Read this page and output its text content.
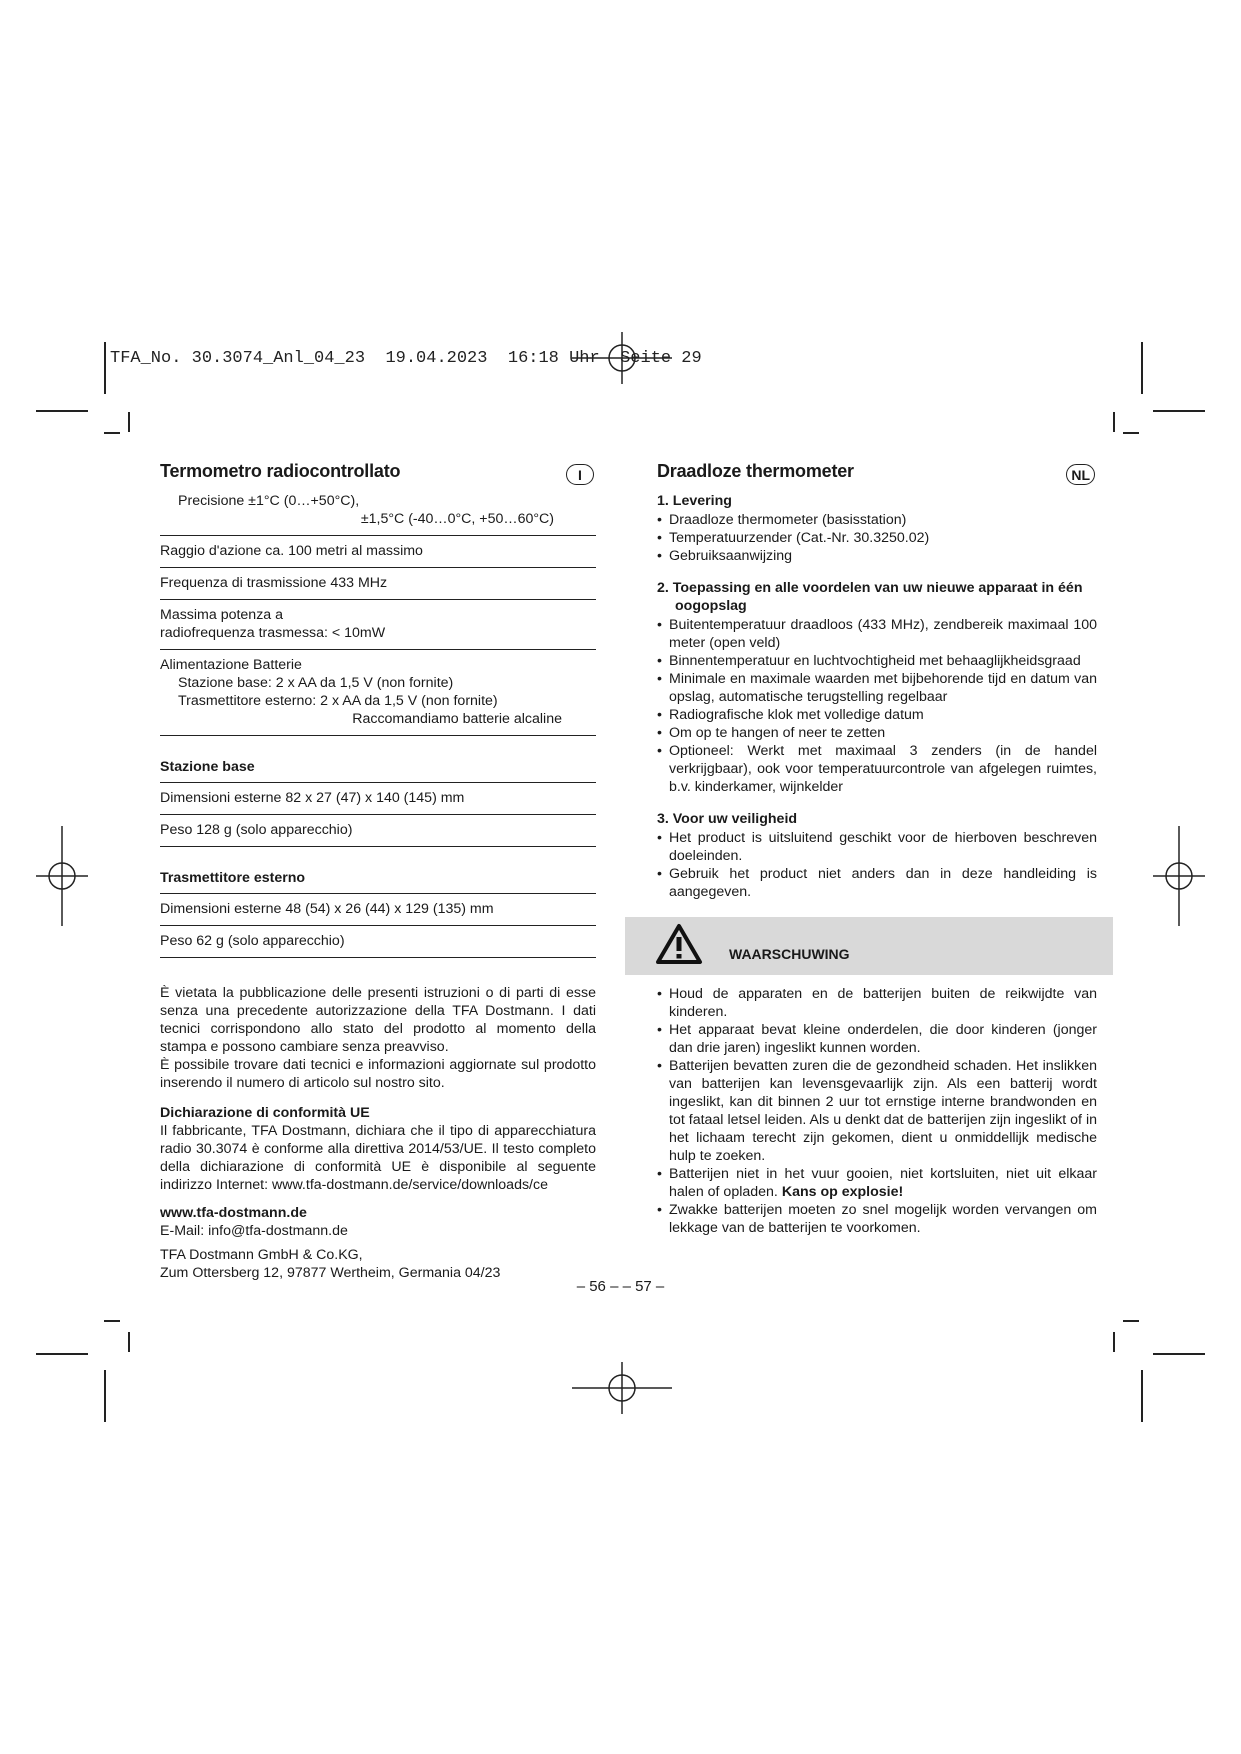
TFA_No. 30.3074_Anl_04_23  19.04.2023  16:18 Uhr  Seite 29
Termometro radiocontrollato	I
Precisione ±1°C (0…+50°C),
±1,5°C (-40…0°C, +50…60°C)
Raggio d'azione ca. 100 metri al massimo
Frequenza di trasmissione 433 MHz
Massima potenza a
radiofrequenza trasmessa: < 10mW
Alimentazione Batterie
Stazione base: 2 x AA da 1,5 V (non fornite)
Trasmettitore esterno: 2 x AA da 1,5 V (non fornite)
Raccomandiamo batterie alcaline
Stazione base
Dimensioni esterne 82 x 27 (47) x 140 (145) mm
Peso 128 g (solo apparecchio)
Trasmettitore esterno
Dimensioni esterne 48 (54) x 26 (44) x 129 (135) mm
Peso 62 g (solo apparecchio)

È vietata la pubblicazione delle presenti istruzioni o di parti di esse senza una precedente autorizzazione della TFA Dostmann. I dati tecnici corrispondono allo stato del prodotto al momento della stampa e possono cambiare senza preavviso.

È possibile trovare dati tecnici e informazioni aggiornate sul prodotto inserendo il numero di articolo sul nostro sito.

Dichiarazione di conformità UE

Il fabbricante, TFA Dostmann, dichiara che il tipo di apparecchiatura radio 30.3074 è conforme alla direttiva 2014/53/UE. Il testo completo della dichiarazione di conformità UE è disponibile al seguente indirizzo Internet: www.tfa-dostmann.de/service/downloads/ce

www.tfa-dostmann.de
E-Mail: info@tfa-dostmann.de
TFA Dostmann GmbH & Co.KG,
Zum Ottersberg 12, 97877 Wertheim, Germania 04/23
Draadloze thermometer	NL
1. Levering
• Draadloze thermometer (basisstation)
• Temperatuurzender (Cat.-Nr. 30.3250.02)
• Gebruiksaanwijzing
2. Toepassing en alle voordelen van uw nieuwe apparaat in één oogopslag
• Buitentemperatuur draadloos (433 MHz), zendbereik maximaal 100 meter (open veld)
• Binnentemperatuur en luchtvochtigheid met behaaglijkheidsgraad
• Minimale en maximale waarden met bijbehorende tijd en datum van opslag, automatische terugstelling regelbaar
• Radiografische klok met volledige datum
• Om op te hangen of neer te zetten
• Optioneel: Werkt met maximaal 3 zenders (in de handel verkrijgbaar), ook voor temperatuurcontrole van afgelegen ruimtes, b.v. kinderkamer, wijnkelder
3. Voor uw veiligheid
• Het product is uitsluitend geschikt voor de hierboven beschreven doeleinden.
• Gebruik het product niet anders dan in deze handleiding is aangegeven.
WAARSCHUWING
• Houd de apparaten en de batterijen buiten de reikwijdte van kinderen.
• Het apparaat bevat kleine onderdelen, die door kinderen (jonger dan drie jaren) ingeslikt kunnen worden.
• Batterijen bevatten zuren die de gezondheid schaden. Het inslikken van batterijen kan levensgevaarlijk zijn. Als een batterij wordt ingeslikt, kan dit binnen 2 uur tot ernstige interne brandwonden en tot fataal letsel leiden. Als u denkt dat de batterijen zijn ingeslikt of in het lichaam terecht zijn gekomen, dient u onmiddellijk medische hulp te zoeken.
• Batterijen niet in het vuur gooien, niet kortsluiten, niet uit elkaar halen of opladen. Kans op explosie!
• Zwakke batterijen moeten zo snel mogelijk worden vervangen om lekkage van de batterijen te voorkomen.
– 56 – – 57 –
